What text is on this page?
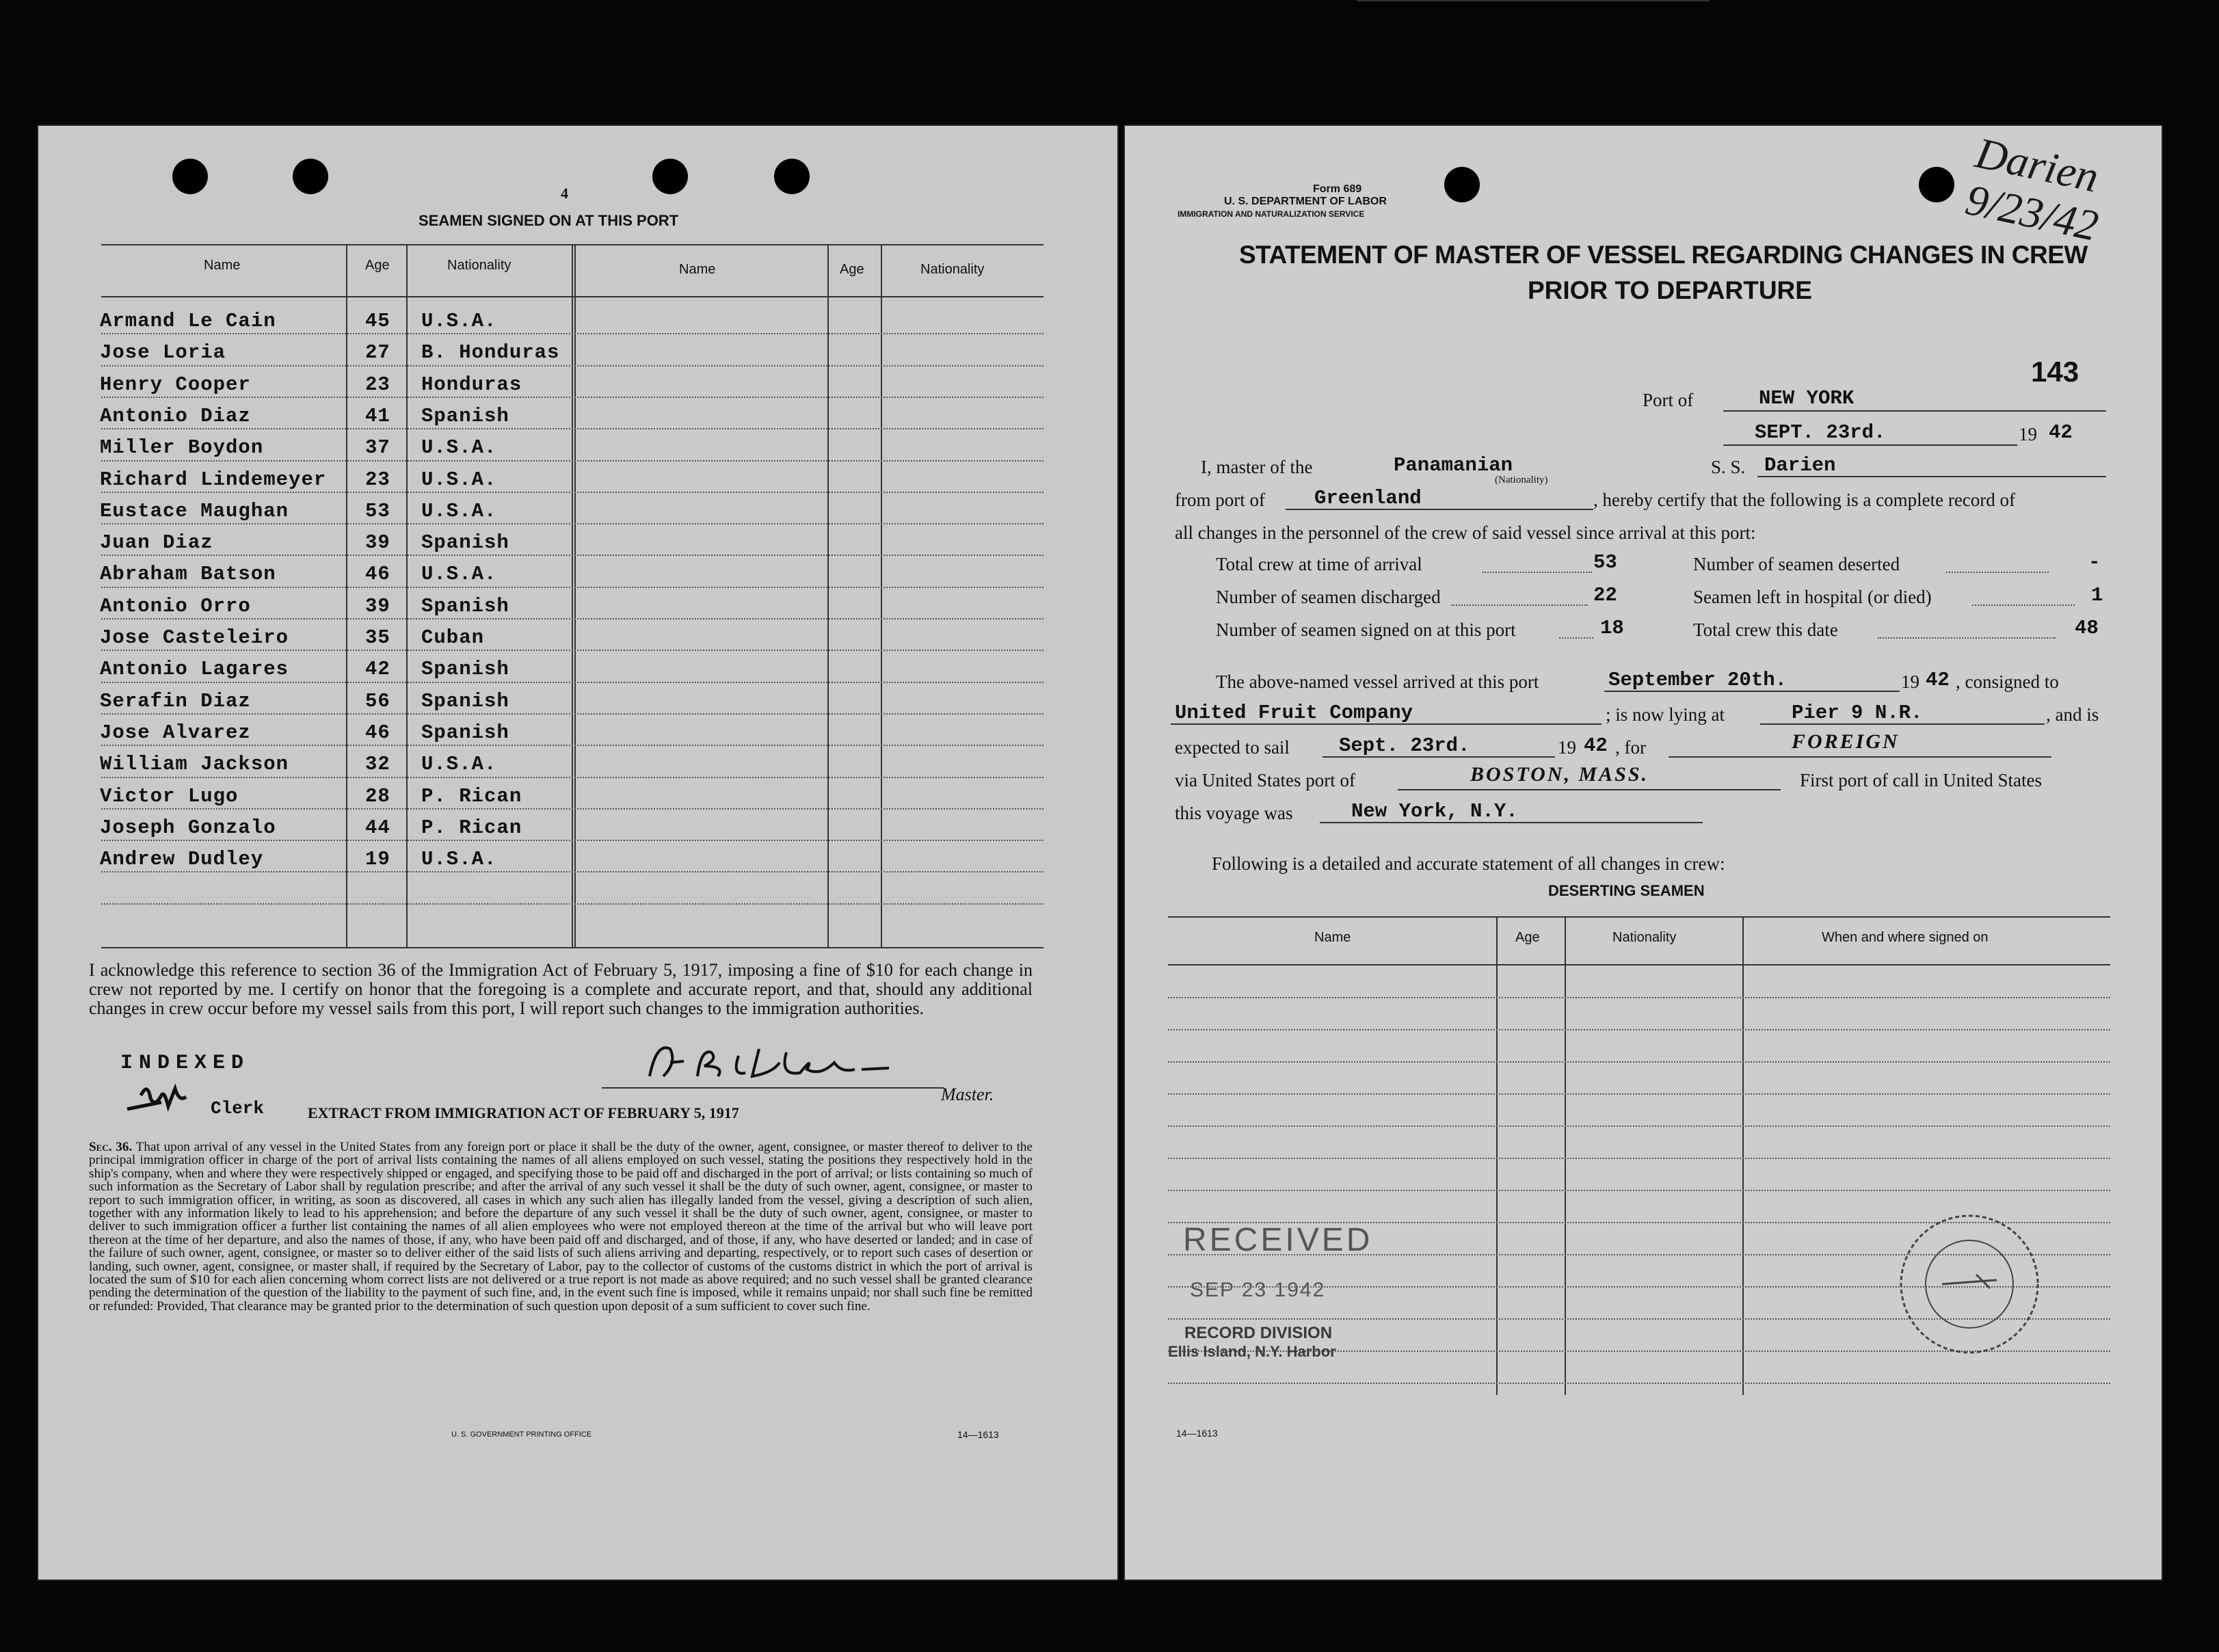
4
SEAMEN SIGNED ON AT THIS PORT
Name	Age	Nationality	Name	Age	Nationality
Armand Le Cain	45 U.S.A.
Jose Loria	27 B. Honduras
Henry Cooper	23 Honduras
Antonio Diaz	41 Spanish
Miller Boydon	37 U.S.A.
Richard Lindemeyer 23 U.S.A.
Eustace Maughan	53 U.S.A.
Juan Diaz	39 Spanish
Abraham Batson	46 U.S.A.
Antonio Orro	39 Spanish
Jose Casteleiro	35 Cuban
Antonio Lagares	42 Spanish
Serafin Diaz	56 Spanish
Jose Alvarez	46 Spanish
William Jackson	32 U.S.A.
Victor Lugo	28 P. Rican
Joseph Gonzalo	44 P. Rican
Andrew Dudley	19 U.S.A.
I acknowledge this reference to section 36 of the Immigration Act of February 5, 1917, imposing a fine of $10 for each change in crew not reported by me. I certify on honor that the foregoing is a complete and accurate report, and that, should any additional changes in crew occur before my vessel sails from this port, I will report such changes to the immigration authorities.
INDEXED
Clerk
Master.
EXTRACT FROM IMMIGRATION ACT OF FEBRUARY 5, 1917
Sec. 36. That upon arrival of any vessel in the United States from any foreign port or place it shall be the duty of the owner, agent, consignee, or master thereof to deliver to the principal immigration officer in charge of the port of arrival lists containing the names of all aliens employed on such vessel, stating the positions they respectively hold in the ship's company, when and where they were respectively shipped or engaged, and specifying those to be paid off and discharged in the port of arrival; or lists containing so much of such information as the Secretary of Labor shall by regulation prescribe; and after the arrival of any such vessel it shall be the duty of such owner, agent, consignee, or master to report to such immigration officer, in writing, as soon as discovered, all cases in which any such alien has illegally landed from the vessel, giving a description of such alien, together with any information likely to lead to his apprehension; and before the departure of any such vessel it shall be the duty of such owner, agent, consignee, or master to deliver to such immigration officer a further list containing the names of all alien employees who were not employed thereon at the time of the arrival but who will leave port thereon at the time of her departure, and also the names of those, if any, who have been paid off and discharged, and of those, if any, who have deserted or landed; and in case of the failure of such owner, agent, consignee, or master so to deliver either of the said lists of such aliens arriving and departing, respectively, or to report such cases of desertion or landing, such owner, agent, consignee, or master shall, if required by the Secretary of Labor, pay to the collector of customs of the customs district in which the port of arrival is located the sum of $10 for each alien concerning whom correct lists are not delivered or a true report is not made as above required; and no such vessel shall be granted clearance pending the determination of the question of the liability to the payment of such fine, and, in the event such fine is imposed, while it remains unpaid; nor shall such fine be remitted or refunded: Provided, That clearance may be granted prior to the determination of such question upon deposit of a sum sufficient to cover such fine.
U. S. GOVERNMENT PRINTING OFFICE	14—1613
Form 689
U. S. DEPARTMENT OF LABOR
IMMIGRATION AND NATURALIZATION SERVICE
STATEMENT OF MASTER OF VESSEL REGARDING CHANGES IN CREW
PRIOR TO DEPARTURE
Darien 9/23/42
143
Port of	NEW YORK
SEPT. 23rd.	19 42
I, master of the	Panamanian
(Nationality)
S. S. Darien
from port of Greenland	, hereby certify that the following is a complete record of
all changes in the personnel of the crew of said vessel since arrival at this port:
Total crew at time of arrival	53	Number of seamen deserted	-
Number of seamen discharged	22	Seamen left in hospital (or died)	1
Number of seamen signed on at this port	18	Total crew this date	48
The above-named vessel arrived at this port	September 20th.	19 42 , consigned to
United Fruit Company	; is now lying at	Pier 9 N.R.	, and is
expected to sail Sept. 23rd.	19 42 , for	FOREIGN
via United States port of	BOSTON, MASS.	First port of call in United States
this voyage was	New York, N.Y.
Following is a detailed and accurate statement of all changes in crew:
DESERTING SEAMEN
Name	Age	Nationality	When and where signed on
RECEIVED
SEP 23 1942
RECORD DIVISION
Ellis Island, N.Y. Harbor
14—1613
